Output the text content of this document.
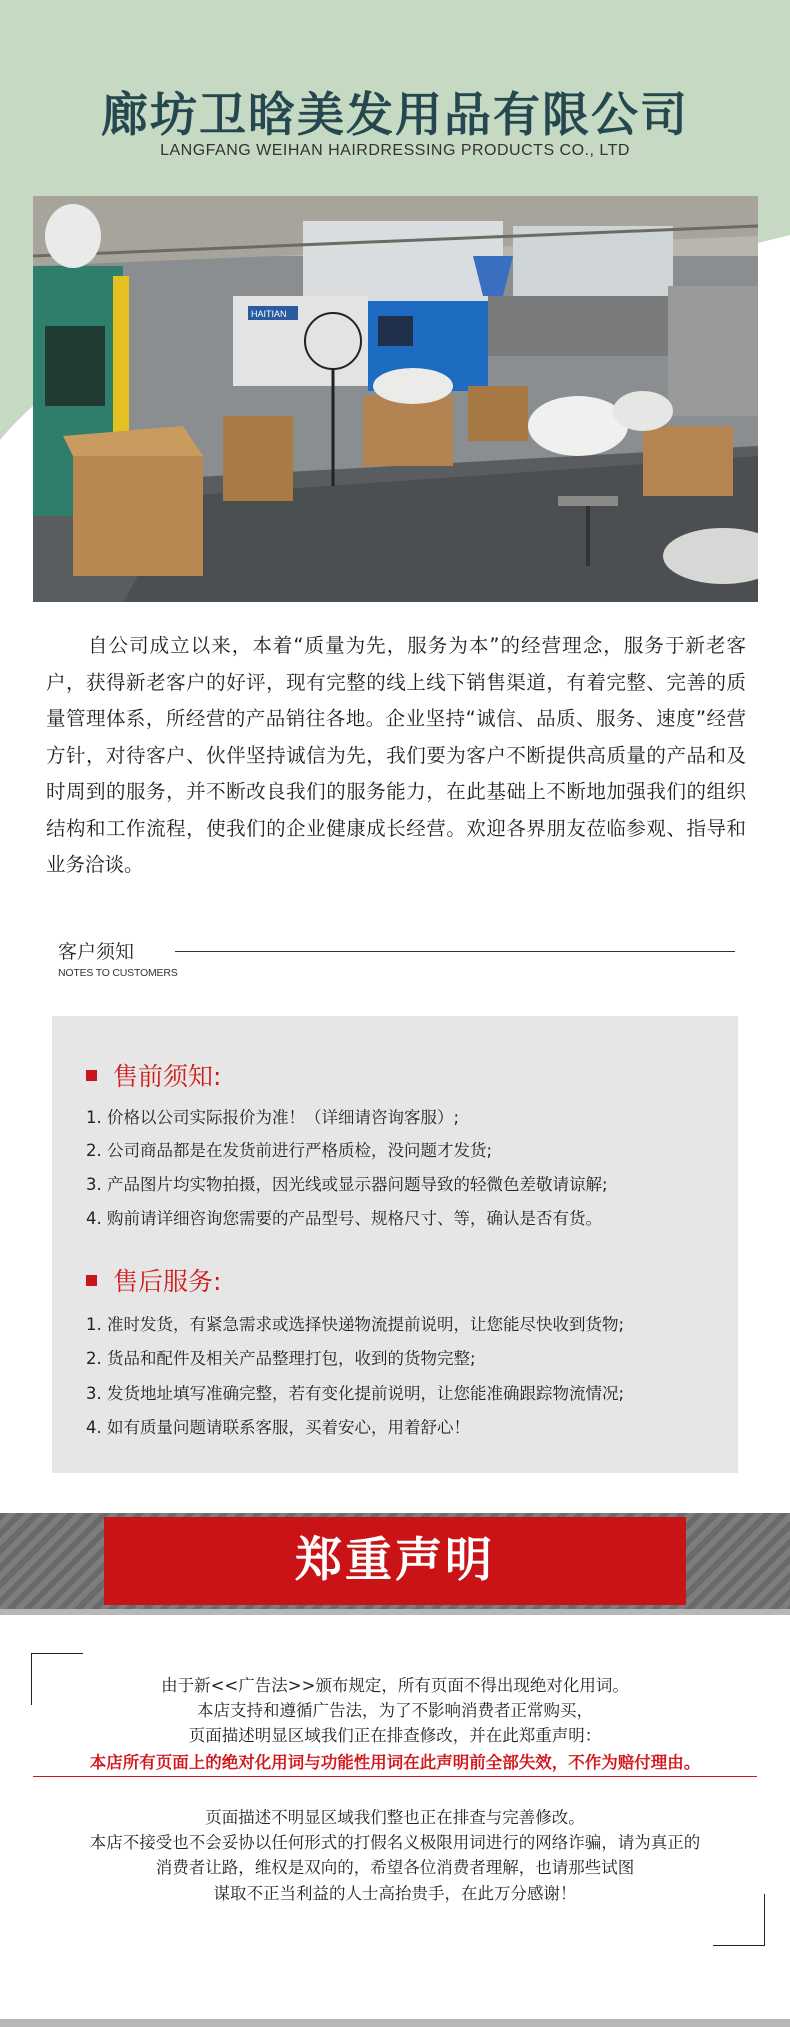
廊坊卫晗美发用品有限公司
LANGFANG WEIHAN HAIRDRESSING PRODUCTS CO., LTD
HAITIAN
自公司成立以来，本着“质量为先，服务为本”的经营理念，服务于新老客户，获得新老客户的好评，现有完整的线上线下销售渠道，有着完整、完善的质量管理体系，所经营的产品销往各地。企业坚持“诚信、品质、服务、速度”经营方针，对待客户、伙伴坚持诚信为先，我们要为客户不断提供高质量的产品和及时周到的服务，并不断改良我们的服务能力，在此基础上不断地加强我们的组织结构和工作流程，使我们的企业健康成长经营。欢迎各界朋友莅临参观、指导和业务洽谈。
客户须知
NOTES TO CUSTOMERS
售前须知:
1. 价格以公司实际报价为准！（详细请咨询客服）;
2. 公司商品都是在发货前进行严格质检，没问题才发货;
3. 产品图片均实物拍摄，因光线或显示器问题导致的轻微色差敬请谅解;
4. 购前请详细咨询您需要的产品型号、规格尺寸、等，确认是否有货。
售后服务:
1. 准时发货，有紧急需求或选择快递物流提前说明，让您能尽快收到货物;
2. 货品和配件及相关产品整理打包，收到的货物完整;
3. 发货地址填写准确完整，若有变化提前说明，让您能准确跟踪物流情况;
4. 如有质量问题请联系客服，买着安心，用着舒心！
郑重声明
由于新<<广告法>>颁布规定，所有页面不得出现绝对化用词。
本店支持和遵循广告法，为了不影响消费者正常购买，
页面描述明显区域我们正在排查修改，并在此郑重声明：
本店所有页面上的绝对化用词与功能性用词在此声明前全部失效，不作为赔付理由。
页面描述不明显区域我们整也正在排查与完善修改。
本店不接受也不会妥协以任何形式的打假名义极限用词进行的网络诈骗，请为真正的
消费者让路，维权是双向的，希望各位消费者理解，也请那些试图
谋取不正当利益的人士高抬贵手，在此万分感谢！
